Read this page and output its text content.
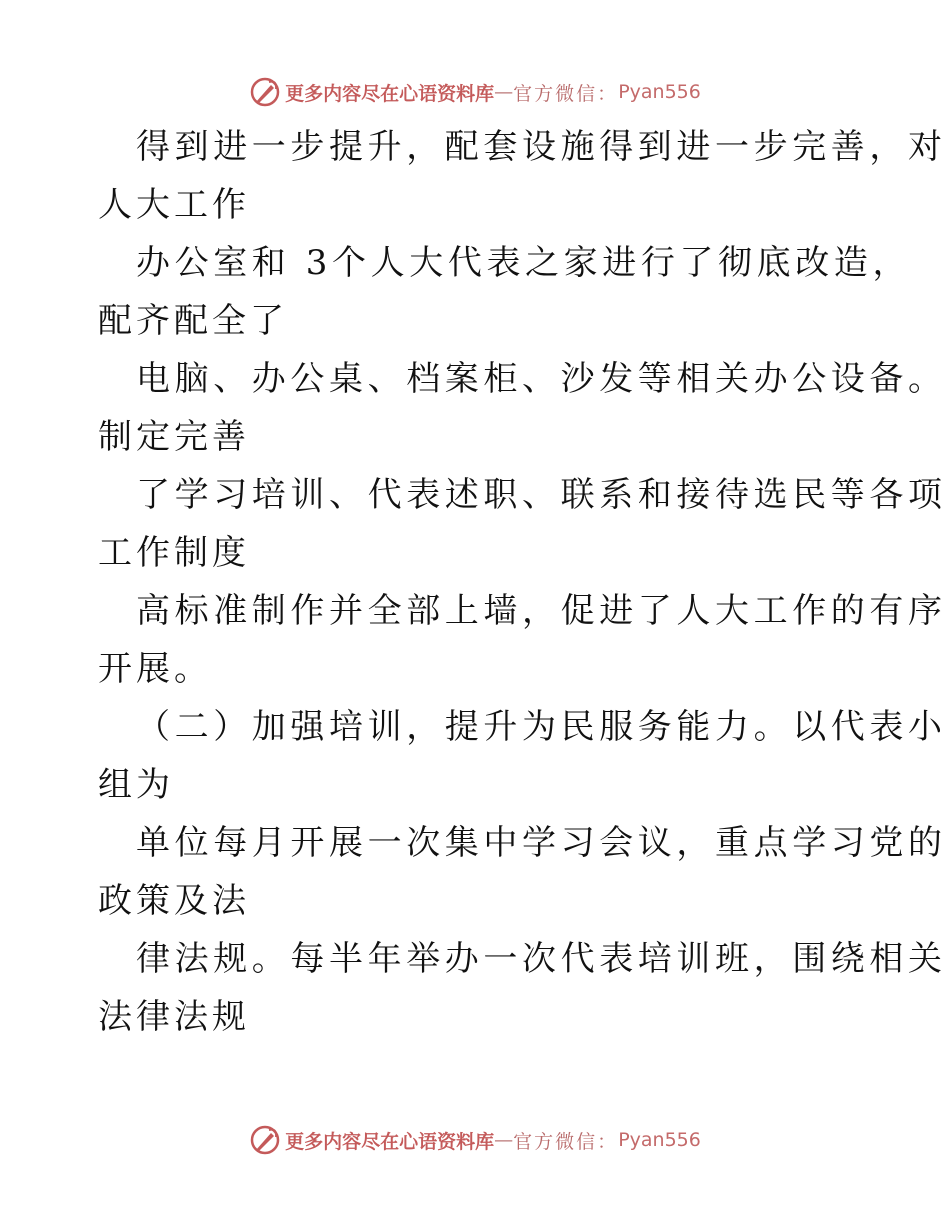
更多内容尽在心语资料库 — 官方微信： Pyan556
得到进一步提升，配套设施得到进一步完善，对
人大工作
办公室和 3个人大代表之家进行了彻底改造，
配齐配全了
电脑、办公桌、档案柜、沙发等相关办公设备。
制定完善
了学习培训、代表述职、联系和接待选民等各项
工作制度
高标准制作并全部上墙，促进了人大工作的有序
开展。
（二）加强培训，提升为民服务能力。以代表小
组为
单位每月开展一次集中学习会议，重点学习党的
政策及法
律法规。每半年举办一次代表培训班，围绕相关
法律法规
更多内容尽在心语资料库 — 官方微信： Pyan556
